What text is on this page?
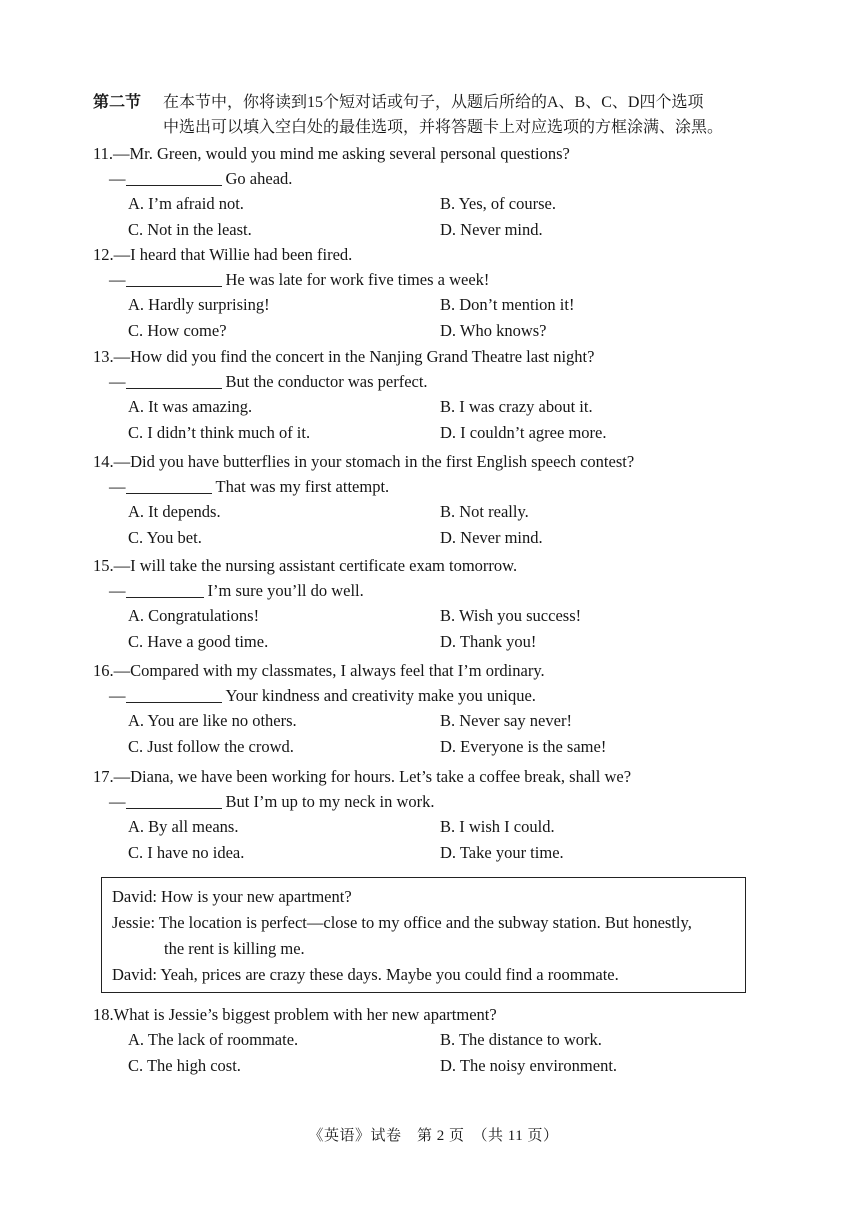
第二节 在本节中，你将读到15个短对话或句子，从题后所给的A、B、C、D四个选项
中选出可以填入空白处的最佳选项，并将答题卡上对应选项的方框涂满、涂黑。
11.—Mr. Green, would you mind me asking several personal questions?
—	Go ahead.
A. I’m afraid not.	B. Yes, of course.
C. Not in the least.	D. Never mind.
12.—I heard that Willie had been fired.
—	He was late for work five times a week!
A. Hardly surprising!	B. Don’t mention it!
C. How come?	D. Who knows?
13.—How did you find the concert in the Nanjing Grand Theatre last night?
—	But the conductor was perfect.
A. It was amazing.	B. I was crazy about it.
C. I didn’t think much of it.	D. I couldn’t agree more.
14.—Did you have butterflies in your stomach in the first English speech contest?
—	That was my first attempt.
A. It depends.	B. Not really.
C. You bet.	D. Never mind.
15.—I will take the nursing assistant certificate exam tomorrow.
—	I’m sure you’ll do well.
A. Congratulations!	B. Wish you success!
C. Have a good time.	D. Thank you!
16.—Compared with my classmates, I always feel that I’m ordinary.
—	Your kindness and creativity make you unique.
A. You are like no others.	B. Never say never!
C. Just follow the crowd.	D. Everyone is the same!
17.—Diana, we have been working for hours. Let’s take a coffee break, shall we?
—	But I’m up to my neck in work.
A. By all means.	B. I wish I could.
C. I have no idea.	D. Take your time.
David: How is your new apartment?
Jessie: The location is perfect—close to my office and the subway station. But honestly,
the rent is killing me.
David: Yeah, prices are crazy these days. Maybe you could find a roommate.
18.What is Jessie’s biggest problem with her new apartment?
A. The lack of roommate.	B. The distance to work.
C. The high cost.	D. The noisy environment.
《英语》试卷　第 2 页　（共 11 页）
